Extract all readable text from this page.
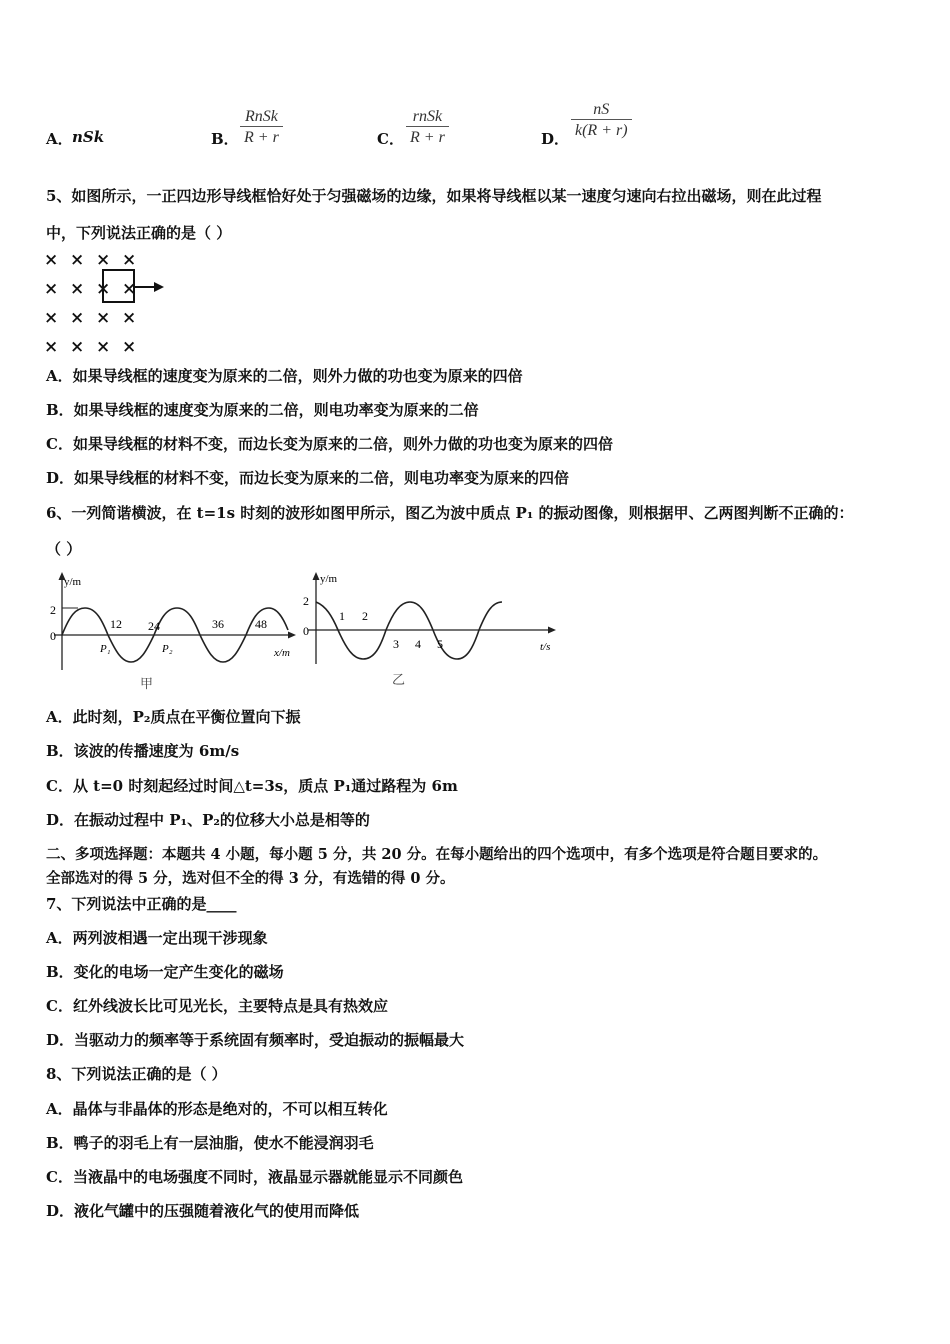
A． nSk	B．
RnSk
R + r	C．
rnSk
R + r	D． $\frac{nS}{k(R + r)}$
5、如图所示，一正四边形导线框恰好处于匀强磁场的边缘，如果将导线框以某一速度匀速向右拉出磁场，则在此过程
中，下列说法正确的是（ ）
× × × ×
× × × ×
× × × ×
× × × ×
A．如果导线框的速度变为原来的二倍，则外力做的功也变为原来的四倍
B．如果导线框的速度变为原来的二倍，则电功率变为原来的二倍
C．如果导线框的材料不变，而边长变为原来的二倍，则外力做的功也变为原来的四倍
D．如果导线框的材料不变，而边长变为原来的二倍，则电功率变为原来的四倍
6、一列简谐横波，在 t=1s 时刻的波形如图甲所示，图乙为波中质点 P₁ 的振动图像，则根据甲、乙两图判断不正确的：
（ ）
y/m
2
0
12 24	36	48
P₁	P₂	x/m
甲
y/m
2
0
1 2
3 4 5	t/s
乙
A．此时刻，P₂质点在平衡位置向下振
B．该波的传播速度为 6m/s
C．从 t=0 时刻起经过时间△t=3s，质点 P₁通过路程为 6m
D．在振动过程中 P₁、P₂的位移大小总是相等的
二、多项选择题：本题共 4 小题，每小题 5 分，共 20 分。在每小题给出的四个选项中，有多个选项是符合题目要求的。
全部选对的得 5 分，选对但不全的得 3 分，有选错的得 0 分。
7、下列说法中正确的是____
A．两列波相遇一定出现干涉现象
B．变化的电场一定产生变化的磁场
C．红外线波长比可见光长，主要特点是具有热效应
D．当驱动力的频率等于系统固有频率时，受迫振动的振幅最大
8、下列说法正确的是（ ）
A．晶体与非晶体的形态是绝对的，不可以相互转化
B．鸭子的羽毛上有一层油脂，使水不能浸润羽毛
C．当液晶中的电场强度不同时，液晶显示器就能显示不同颜色
D．液化气罐中的压强随着液化气的使用而降低
